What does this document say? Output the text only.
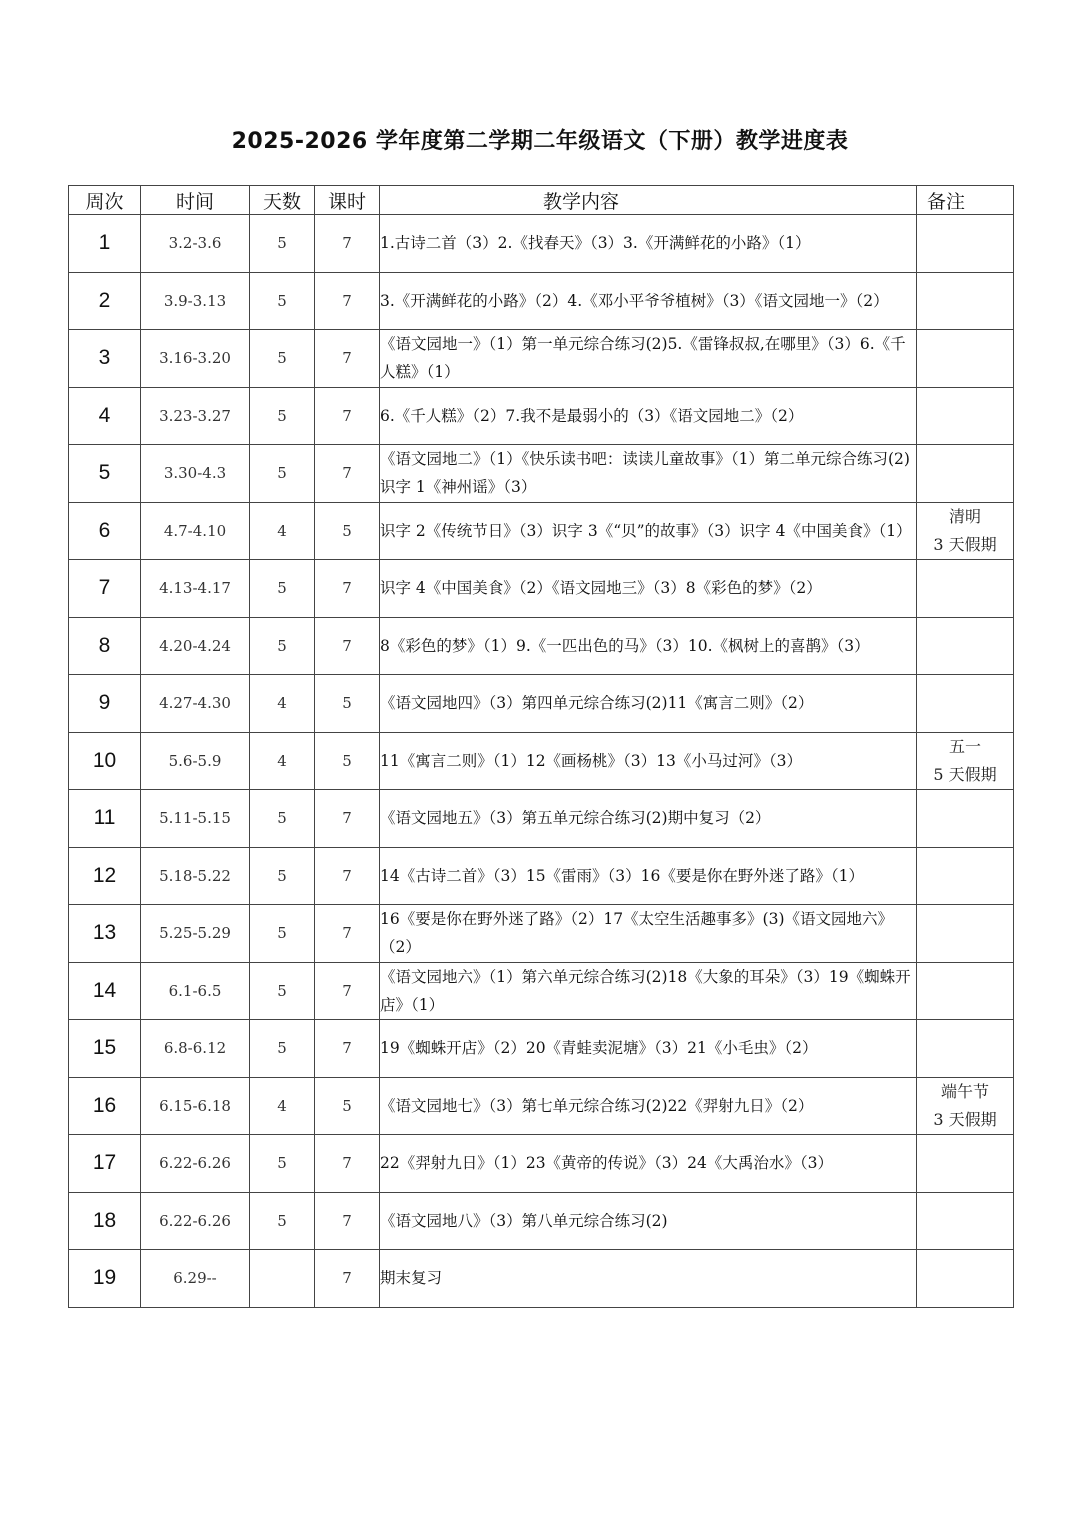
2025-2026 学年度第二学期二年级语文（下册）教学进度表
周次	时间	天数	课时	教学内容	备注
1	3.2-3.6	5	7	1.古诗二首（3）2.《找春天》（3）3.《开满鲜花的小路》（1）	

2	3.9-3.13	5	7	3.《开满鲜花的小路》（2）4.《邓小平爷爷植树》（3）《语文园地一》（2）	

3	3.16-3.20	5	7	《语文园地一》（1）第一单元综合练习(2)5.《雷锋叔叔,在哪里》（3）6.《千人糕》（1）	

4	3.23-3.27	5	7	6.《千人糕》（2）7.我不是最弱小的（3）《语文园地二》（2）	

5	3.30-4.3	5	7	《语文园地二》（1）《快乐读书吧：读读儿童故事》（1）第二单元综合练习(2)识字 1《神州谣》（3）	

6	4.7-4.10	4	5	识字 2《传统节日》（3）识字 3《“贝”的故事》（3）识字 4《中国美食》（1）	清明
3 天假期

7	4.13-4.17	5	7	识字 4《中国美食》（2）《语文园地三》（3）8《彩色的梦》（2）	

8	4.20-4.24	5	7	8《彩色的梦》（1）9.《一匹出色的马》（3）10.《枫树上的喜鹊》（3）	

9	4.27-4.30	4	5	《语文园地四》（3）第四单元综合练习(2)11《寓言二则》（2）	

10	5.6-5.9	4	5	11《寓言二则》（1）12《画杨桃》（3）13《小马过河》（3）	五一
5 天假期

11	5.11-5.15	5	7	《语文园地五》（3）第五单元综合练习(2)期中复习（2）	

12	5.18-5.22	5	7	14《古诗二首》（3）15《雷雨》（3）16《要是你在野外迷了路》（1）	

13	5.25-5.29	5	7	16《要是你在野外迷了路》（2）17《太空生活趣事多》(3)《语文园地六》（2）	

14	6.1-6.5	5	7	《语文园地六》（1）第六单元综合练习(2)18《大象的耳朵》（3）19《蜘蛛开店》（1）	

15	6.8-6.12	5	7	19《蜘蛛开店》（2）20《青蛙卖泥塘》（3）21《小毛虫》（2）	

16	6.15-6.18	4	5	《语文园地七》（3）第七单元综合练习(2)22《羿射九日》（2）	端午节
3 天假期

17	6.22-6.26	5	7	22《羿射九日》（1）23《黄帝的传说》（3）24《大禹治水》（3）	

18	6.22-6.26	5	7	《语文园地八》（3）第八单元综合练习(2)	

19	6.29--		7	期末复习	
